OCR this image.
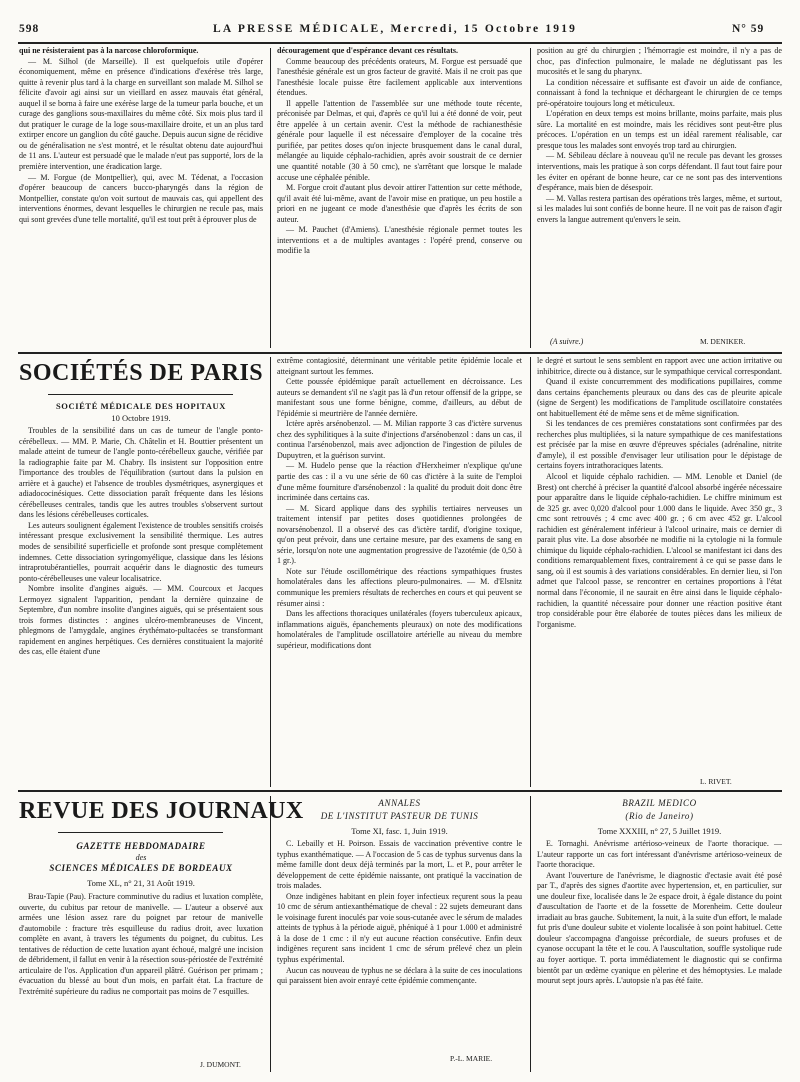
598	LA PRESSE MÉDICALE, Mercredi, 15 Octobre 1919	N° 59

qui ne résisteraient pas à la narcose chloroformique.

— M. Silhol (de Marseille). Il est quelquefois utile d'opérer économiquement, même en présence d'indications d'exérèse très large, quitte à revenir plus tard à la charge en surveillant son malade M. Silhol se félicite d'avoir agi ainsi sur un vieillard en assez mauvais état général, auquel il se borna à faire une exérèse large de la tumeur parla bouche, et un curage des ganglions sous-maxillaires du même côté. Six mois plus tard il dut pratiquer le curage de la loge sous-maxillaire droite, et un an plus tard extirper encore un ganglion du côté gauche. Depuis aucun signe de récidive ou de généralisation ne s'est montré, et le résultat obtenu date aujourd'hui de 11 ans. L'auteur est persuadé que le malade n'eut pas supporté, lors de la première intervention, une éradication large.

— M. Forgue (de Montpellier), qui, avec M. Tédenat, a l'occasion d'opérer beaucoup de cancers bucco-pharyngés dans la région de Montpellier, constate qu'on voit surtout de mauvais cas, qui appellent des interventions énormes, devant lesquelles le chirurgien ne recule pas, mais qui sont grevées d'une telle mortalité, qu'il est tout prêt à éprouver plus de

découragement que d'espérance devant ces résultats.

Comme beaucoup des précédents orateurs, M. Forgue est persuadé que l'anesthésie générale est un gros facteur de gravité. Mais il ne croit pas que l'anesthésie locale puisse être facilement applicable aux interventions étendues.

Il appelle l'attention de l'assemblée sur une méthode toute récente, préconisée par Delmas, et qui, d'après ce qu'il lui a été donné de voir, peut être appelée à un certain avenir. C'est la méthode de rachianesthésie générale pour laquelle il est nécessaire d'employer de la cocaïne très purifiée, par petites doses qu'on injecte brusquement dans le canal dural, mélangée au liquide céphalo-rachidien, après avoir soustrait de ce dernier une quantité notable (30 à 50 cmc), ne s'arrêtant que lorsque le malade accuse une céphalée pénible.

M. Forgue croit d'autant plus devoir attirer l'attention sur cette méthode, qu'il avait été lui-même, avant de l'avoir mise en pratique, un peu hostile a priori en ne jugeant ce mode d'anesthésie que d'après les écrits de son auteur.

— M. Pauchet (d'Amiens). L'anesthésie régionale permet toutes les interventions et a de multiples avantages : l'opéré prend, conserve ou modifie la

position au gré du chirurgien ; l'hémorragie est moindre, il n'y a pas de choc, pas d'infection pulmonaire, le malade ne déglutissant pas les mucosités et le sang du pharynx.

La condition nécessaire et suffisante est d'avoir un aide de confiance, connaissant à fond la technique et déchargeant le chirurgien de ce temps pré-opératoire toujours long et méticuleux.

L'opération en deux temps est moins brillante, moins parfaite, mais plus sûre. La mortalité en est moindre, mais les récidives sont peut-être plus précoces. L'opération en un temps est un idéal rarement réalisable, car presque tous les malades sont envoyés trop tard au chirurgien.

— M. Sébileau déclare à nouveau qu'il ne recule pas devant les grosses interventions, mais les pratique à son corps défendant. Il faut tout faire pour les éviter en opérant de bonne heure, car ce ne sont pas des interventions d'espérance, mais bien de désespoir.

— M. Vallas restera partisan des opérations très larges, même, et surtout, si les malades lui sont confiés de bonne heure. Il ne voit pas de raison d'agir envers la langue autrement qu'envers le sein.

(A suivre.)	M. DENIKER.
SOCIÉTÉS DE PARIS
SOCIÉTÉ MÉDICALE DES HOPITAUX
10 Octobre 1919.

Troubles de la sensibilité dans un cas de tumeur de l'angle ponto-cérébelleux. — MM. P. Marie, Ch. Châtelin et H. Bouttier présentent un malade atteint de tumeur de l'angle ponto-cérébelleux gauche, vérifiée par la radiographie faite par M. Chabry. Ils insistent sur l'opposition entre l'importance des troubles de l'équilibration (surtout dans la pulsion en arrière et à gauche) et l'absence de troubles dysmétriques, asynergiques et adiadococinésiques. Cette dissociation paraît fréquente dans les lésions cérébelleuses centrales, tandis que les autres troubles s'observent surtout dans les lésions cérébelleuses corticales.

Les auteurs soulignent également l'existence de troubles sensitifs croisés intéressant presque exclusivement la sensibilité thermique. Les autres modes de sensibilité superficielle et profonde sont presque complètement indemnes. Cette dissociation syringomyélique, classique dans les lésions intraprotubérantielles, pourrait acquérir dans le diagnostic des tumeurs ponto-cérébelleuses une valeur localisatrice.

Nombre insolite d'angines aiguës. — MM. Courcoux et Jacques Lermoyez signalent l'apparition, pendant la dernière quinzaine de Septembre, d'un nombre insolite d'angines aiguës, qui se présentaient sous trois formes distinctes : angines ulcéro-membraneuses de Vincent, phlegmons de l'amygdale, angines érythémato-pultacées se transformant rapidement en angines herpétiques. Ces dernières constituaient la majorité des cas, elle étaient d'une

extrême contagiosité, déterminant une véritable petite épidémie locale et atteignant surtout les femmes.

Cette poussée épidémique paraît actuellement en décroissance. Les auteurs se demandent s'il ne s'agit pas là d'un retour offensif de la grippe, se manifestant sous une forme bénigne, comme, d'ailleurs, au début de l'épidémie si meurtrière de l'année dernière.

Ictère après arsénobenzol. — M. Milian rapporte 3 cas d'ictère survenus chez des syphilitiques à la suite d'injections d'arsénobenzol : dans un cas, il continua l'arsénobenzol, mais avec adjonction de l'ingestion de pilules de Dupuytren, et la guérison survint.

— M. Hudelo pense que la réaction d'Herxheimer n'explique qu'une partie des cas : il a vu une série de 60 cas d'ictère à la suite de l'emploi d'une même fourniture d'arsénobenzol : la qualité du produit doit donc être incriminée dans certains cas.

— M. Sicard applique dans des syphilis tertiaires nerveuses un traitement intensif par petites doses quotidiennes prolongées de novarsénobenzol. Il a observé des cas d'ictère tardif, d'origine toxique, qu'on peut prévoir, dans une certaine mesure, par des examens de sang en série, lorsqu'on note une augmentation progressive de l'azotémie (de 0,50 à 1 gr.).

Note sur l'étude oscillométrique des réactions sympathiques frustes homolatérales dans les affections pleuro-pulmonaires. — M. d'Elsnitz communique les premiers résultats de recherches en cours et qui peuvent se résumer ainsi :

Dans les affections thoraciques unilatérales (foyers tuberculeux apicaux, inflammations aiguës, épanchements pleuraux) on note des modifications homolatérales de l'amplitude oscillatoire artérielle au niveau du membre supérieur, modifications dont

le degré et surtout le sens semblent en rapport avec une action irritative ou inhibitrice, directe ou à distance, sur le sympathique cervical correspondant.

Quand il existe concurremment des modifications pupillaires, comme dans certains épanchements pleuraux ou dans des cas de pleurite apicale (signe de Sergent) les modifications de l'amplitude oscillatoire constatées ont habituellement été de même sens et de même signification.

Si les tendances de ces premières constatations sont confirmées par des recherches plus multipliées, si la nature sympathique de ces manifestations est précisée par la mise en œuvre d'épreuves spéciales (adrénaline, nitrite d'amyle), il est possible d'envisager leur utilisation pour le dépistage de certains foyers intrathoraciques latents.

Alcool et liquide céphalo rachidien. — MM. Lenoble et Daniel (de Brest) ont cherché à préciser la quantité d'alcool absorbé ingérée nécessaire pour apparaître dans le liquide céphalo-rachidien. Le chiffre minimum est de 325 gr. avec 0,020 d'alcool pour 1.000 dans le liquide. Avec 350 gr., 3 cmc sont retrouvés ; 4 cmc avec 400 gr. ; 6 cm avec 452 gr. L'alcool rachidien est généralement inférieur à l'alcool urinaire, mais ce dernier di parait plus vite. La dose absorbée ne modifie ni la cytologie ni la formule chimique du liquide céphalo-rachidien. L'alcool se manifestant ici dans des conditions remarquablement fixes, contrairement à ce qui se passe dans le sang, où il est soumis à des variations considérables. En dernier lieu, si l'on admet que l'alcool passe, se rencontrer en certaines proportions à l'état normal dans l'économie, il ne saurait en être ainsi dans le liquide céphalo-rachidien, la quantité nécessaire pour donner une réaction positive étant trop considérable pour être élaborée de toutes pièces dans les milieux de l'organisme.

L. RIVET.
REVUE DES JOURNAUX
GAZETTE HEBDOMADAIRE
des
SCIENCES MÉDICALES DE BORDEAUX
Tome XL, n° 21, 31 Août 1919.

Brau-Tapie (Pau). Fracture comminutive du radius et luxation complète, ouverte, du cubitus par retour de manivelle. — L'auteur a observé aux armées une lésion assez rare du poignet par retour de manivelle d'automobile : fracture très esquilleuse du radius droit, avec luxation complète en avant, à travers les téguments du poignet, du cubitus. Les tentatives de réduction de cette luxation ayant échoué, malgré une incision de débridement, il fallut en venir à la résection sous-périostée de l'extrémité articulaire de l'os. Application d'un appareil plâtré. Guérison per primam ; évacuation du blessé au bout d'un mois, en parfait état. La fracture de l'extrémité supérieure du radius ne comportait pas moins de 7 esquilles.

J. DUMONT.
ANNALES
DE L'INSTITUT PASTEUR DE TUNIS
Tome XI, fasc. 1, Juin 1919.

C. Lebailly et H. Poirson. Essais de vaccination préventive contre le typhus exanthématique. — A l'occasion de 5 cas de typhus survenus dans la même famille dont deux déjà terminés par la mort, L. et P., pour arrêter le développement de cette épidémie naissante, ont pratiqué la vaccination de trois malades.

Onze indigènes habitant en plein foyer infectieux reçurent sous la peau 10 cmc de sérum antiexanthématique de cheval : 22 sujets demeurant dans le voisinage furent inoculés par voie sous-cutanée avec le sérum de malades atteints de typhus à la période aiguë, phéniqué à 1 pour 1.000 et administré à la dose de 1 cmc : il n'y eut aucune réaction consécutive. Enfin deux indigènes reçurent sans incident 1 cmc de sérum prélevé chez un plein typhus expérimental.

Aucun cas nouveau de typhus ne se déclara à la suite de ces inoculations qui paraissent bien avoir enrayé cette épidémie commençante.

P.-L. MARIE.
BRAZIL MEDICO
(Rio de Janeiro)
Tome XXXIII, n° 27, 5 Juillet 1919.

E. Tornaghi. Anévrisme artérioso-veineux de l'aorte thoracique. — L'auteur rapporte un cas fort intéressant d'anévrisme artérioso-veineux de l'aorte thoracique.

Avant l'ouverture de l'anévrisme, le diagnostic d'ectasie avait été posé par T., d'après des signes d'aortite avec hypertension, et, en particulier, sur une douleur fixe, localisée dans le 2e espace droit, à égale distance du point d'auscultation de l'aorte et de la fossette de Morenheim. Cette douleur irradiait au bras gauche. Subitement, la nuit, à la suite d'un effort, le malade fut pris d'une douleur subite et violente localisée à son point habituel. Cette douleur s'accompagna d'angoisse précordiale, de sueurs profuses et de cyanose occupant la tête et le cou. A l'auscultation, souffle systolique rude au foyer aortique. T. porta immédiatement le diagnostic qui se confirma bientôt par un œdème cyanique en pèlerine et des hémoptysies. Le malade mourut sept jours après. L'autopsie n'a pas été faite.
